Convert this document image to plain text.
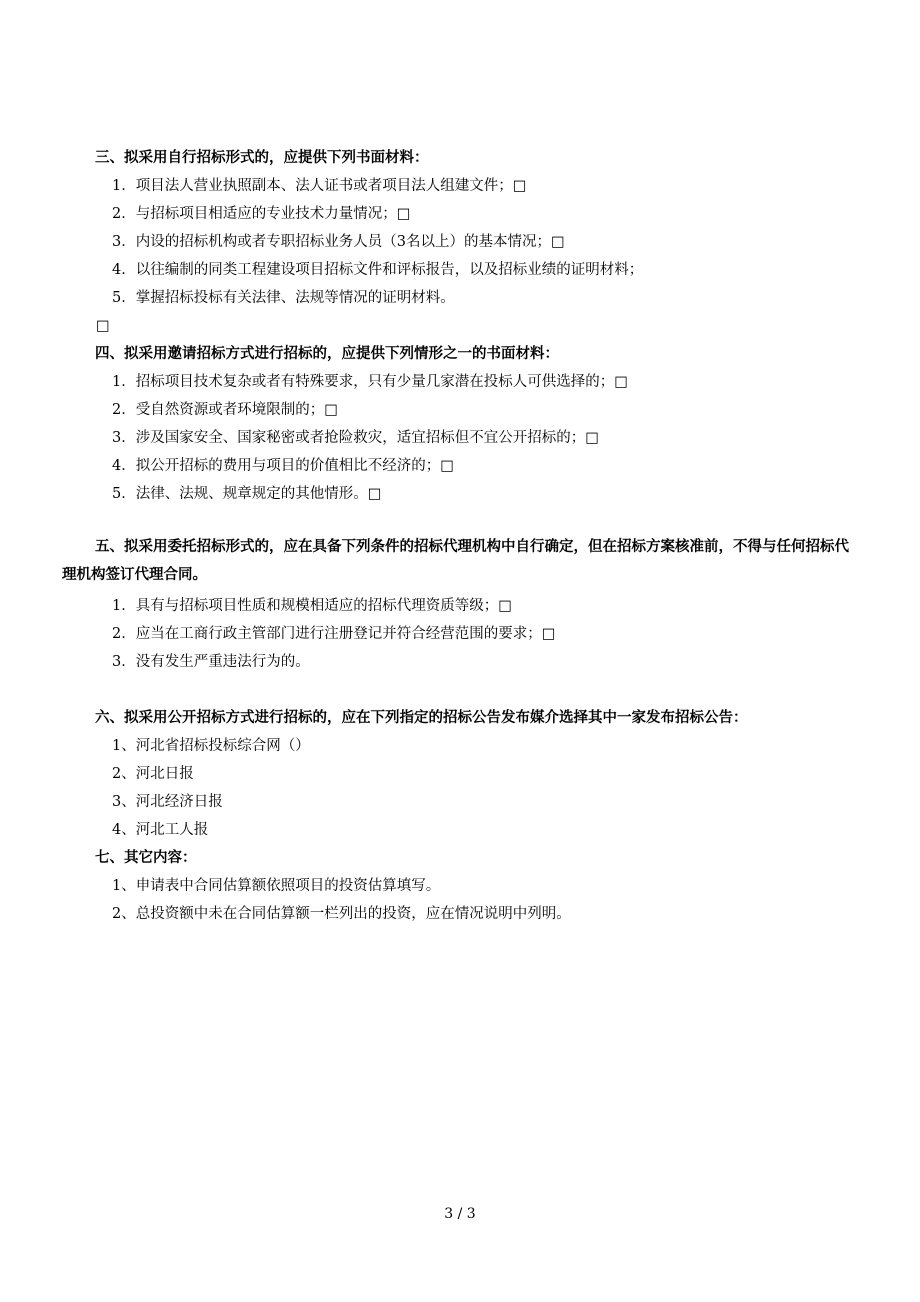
三、拟采用自行招标形式的，应提供下列书面材料：
1．项目法人营业执照副本、法人证书或者项目法人组建文件；□
2．与招标项目相适应的专业技术力量情况；□
3．内设的招标机构或者专职招标业务人员（3名以上）的基本情况；□
4．以往编制的同类工程建设项目招标文件和评标报告，以及招标业绩的证明材料；
5．掌握招标投标有关法律、法规等情况的证明材料。
□
四、拟采用邀请招标方式进行招标的，应提供下列情形之一的书面材料：
1．招标项目技术复杂或者有特殊要求，只有少量几家潜在投标人可供选择的；□
2．受自然资源或者环境限制的；□
3．涉及国家安全、国家秘密或者抢险救灾，适宜招标但不宜公开招标的；□
4．拟公开招标的费用与项目的价值相比不经济的；□
5．法律、法规、规章规定的其他情形。□
五、拟采用委托招标形式的，应在具备下列条件的招标代理机构中自行确定，但在招标方案核准前，不得与任何招标代理机构签订代理合同。
1．具有与招标项目性质和规模相适应的招标代理资质等级；□
2．应当在工商行政主管部门进行注册登记并符合经营范围的要求；□
3．没有发生严重违法行为的。
六、拟采用公开招标方式进行招标的，应在下列指定的招标公告发布媒介选择其中一家发布招标公告：
1、河北省招标投标综合网（）
2、河北日报
3、河北经济日报
4、河北工人报
七、其它内容：
1、申请表中合同估算额依照项目的投资估算填写。
2、总投资额中未在合同估算额一栏列出的投资，应在情况说明中列明。
3 / 3
